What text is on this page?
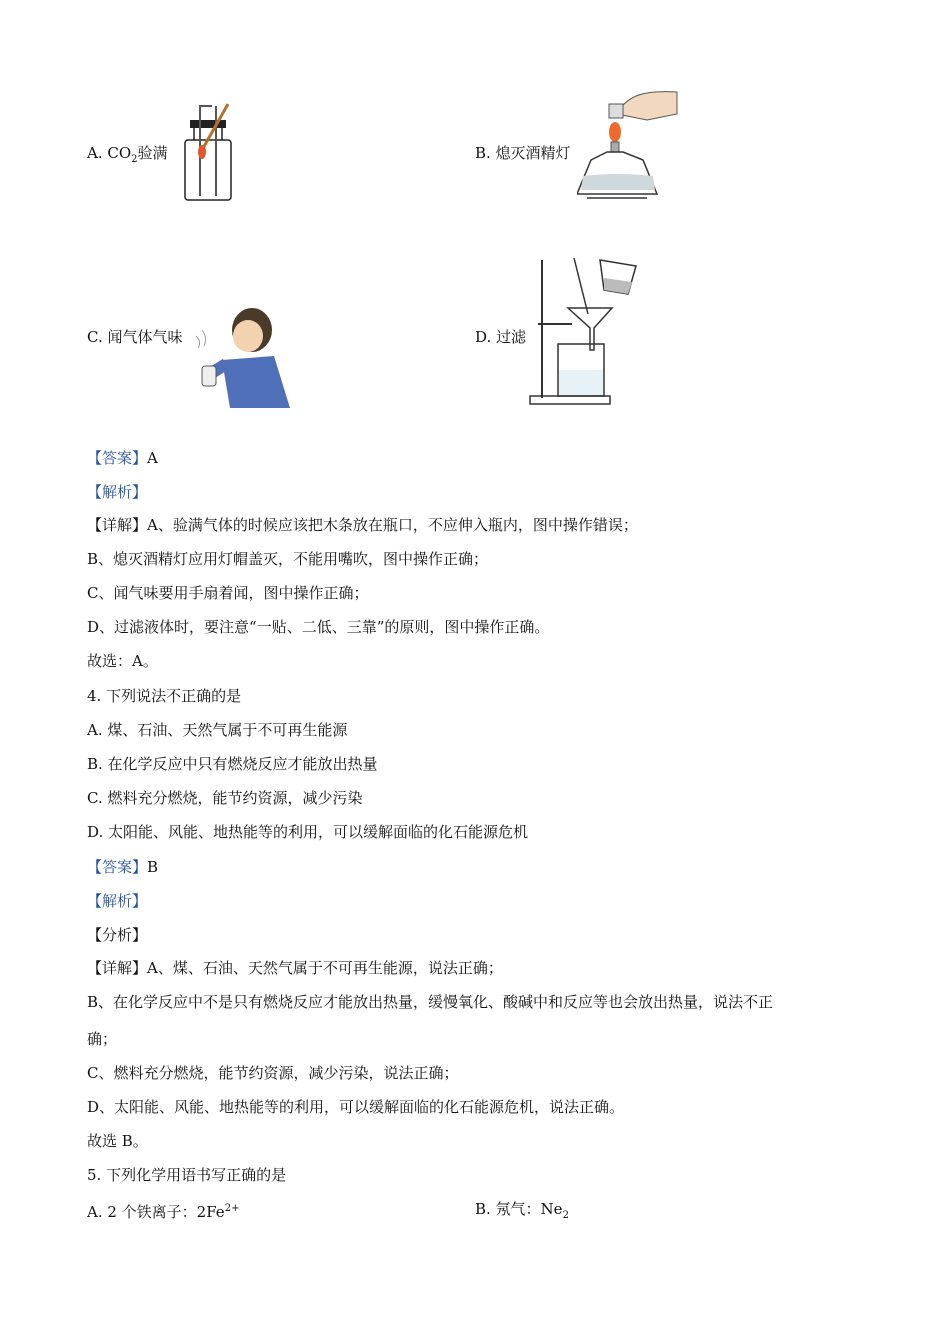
A. $CO_2$验满	B. 熄灭酒精灯
C. 闻气体气味	D. 过滤
【答案】A
【解析】
【详解】A、验满气体的时候应该把木条放在瓶口，不应伸入瓶内，图中操作错误；
B、熄灭酒精灯应用灯帽盖灭，不能用嘴吹，图中操作正确；
C、闻气味要用手扇着闻，图中操作正确；
D、过滤液体时，要注意“一贴、二低、三靠”的原则，图中操作正确。
故选：A。
4. 下列说法不正确的是
A. 煤、石油、天然气属于不可再生能源
B. 在化学反应中只有燃烧反应才能放出热量
C. 燃料充分燃烧，能节约资源，减少污染
D. 太阳能、风能、地热能等的利用，可以缓解面临的化石能源危机
【答案】B
【解析】
【分析】
【详解】A、煤、石油、天然气属于不可再生能源，说法正确；
B、在化学反应中不是只有燃烧反应才能放出热量，缓慢氧化、酸碱中和反应等也会放出热量，说法不正
确；
C、燃料充分燃烧，能节约资源，减少污染，说法正确；
D、太阳能、风能、地热能等的利用，可以缓解面临的化石能源危机，说法正确。
故选 B。
5. 下列化学用语书写正确的是
A. 2 个铁离子：$2Fe^{2+}$	B. 氖气：$Ne_2$
